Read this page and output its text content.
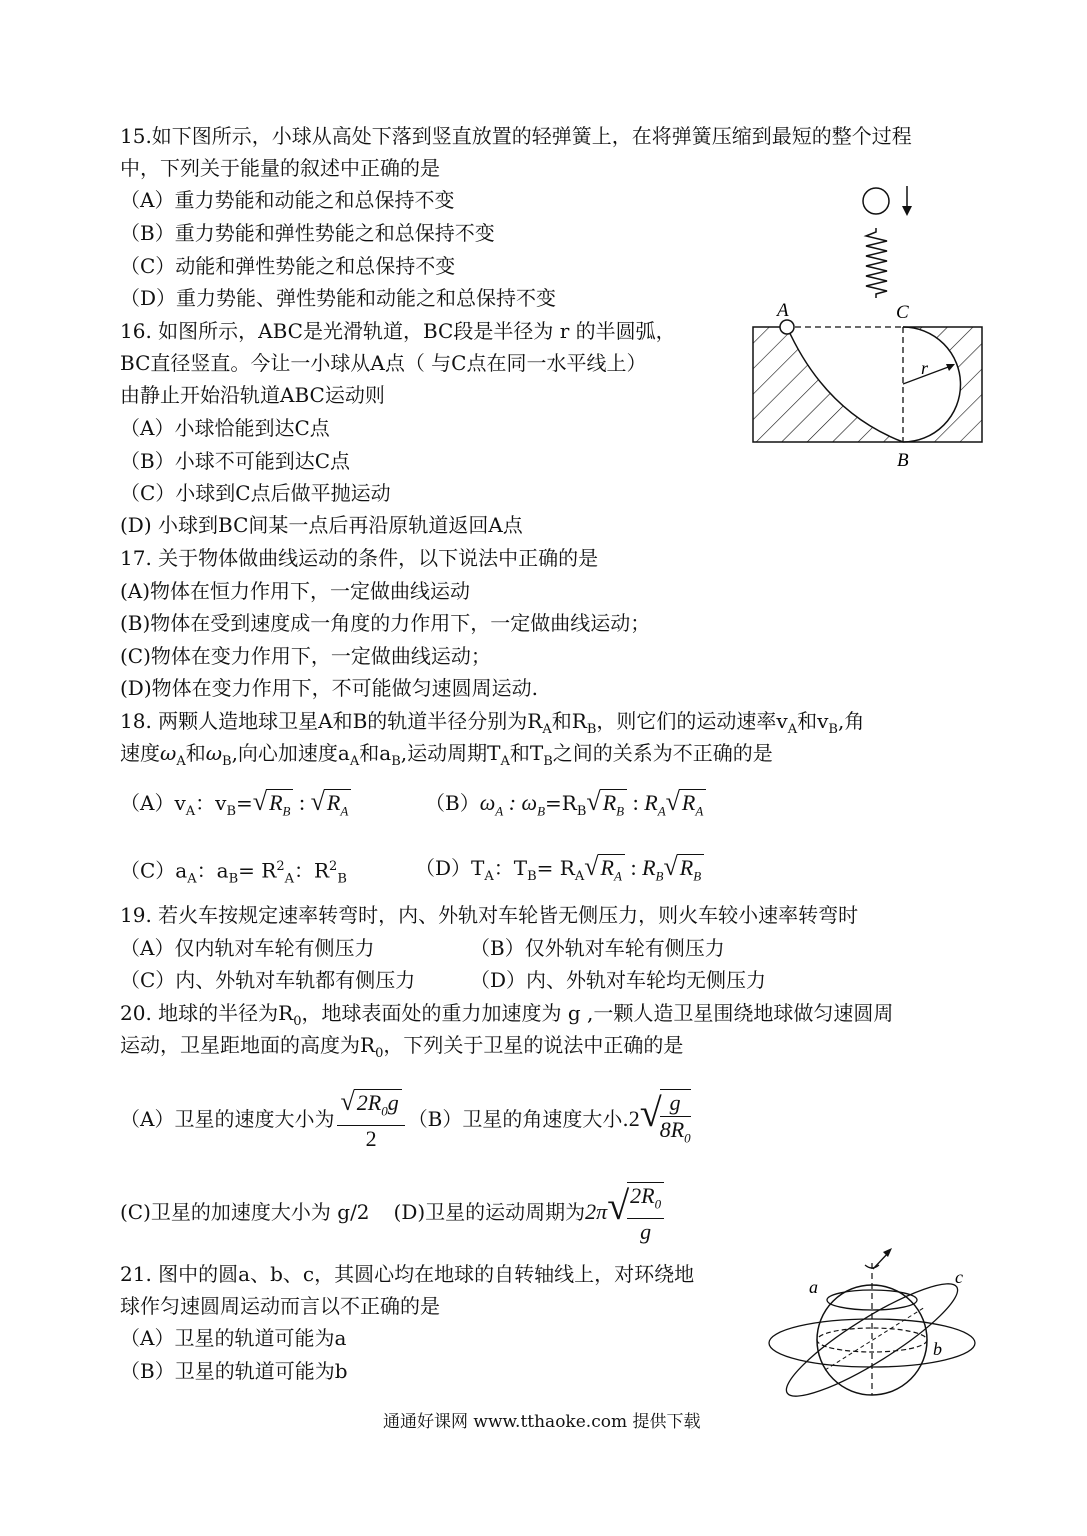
15.如下图所示，小球从高处下落到竖直放置的轻弹簧上，在将弹簧压缩到最短的整个过程
中，下列关于能量的叙述中正确的是
（A）重力势能和动能之和总保持不变
（B）重力势能和弹性势能之和总保持不变
（C）动能和弹性势能之和总保持不变
（D）重力势能、弹性势能和动能之和总保持不变
16. 如图所示，ABC是光滑轨道，BC段是半径为 r 的半圆弧，
BC直径竖直。今让一小球从A点（ 与C点在同一水平线上）
由静止开始沿轨道ABC运动则
（A）小球恰能到达C点
（B）小球不可能到达C点
（C）小球到C点后做平抛运动
(D) 小球到BC间某一点后再沿原轨道返回A点
A	C
B
r
17. 关于物体做曲线运动的条件，以下说法中正确的是
(A)物体在恒力作用下，一定做曲线运动
(B)物体在受到速度成一角度的力作用下，一定做曲线运动；
(C)物体在变力作用下，一定做曲线运动；
(D)物体在变力作用下，不可能做匀速圆周运动.
18. 两颗人造地球卫星A和B的轨道半径分别为$R_A$和$R_B$，则它们的运动速率$v_A$和$v_B$,角
速度$\omega_A$和$\omega_B$,向心加速度$a_A$和$a_B$,运动周期$T_A$和$T_B$之间的关系为不正确的是
$(A)v_A$：$v_B=√R_B$ : $√R_A$	$(B)\omega_A$ : $\omega_B=R_B√R_B$ : $R_A√R_A$
$(C)a_A$：$a_B= R^2_A$：$R^2_B$	$(D)T_A$：$T_B= R_A√R_A$ : $R_B√R_B$
19. 若火车按规定速率转弯时，内、外轨对车轮皆无侧压力，则火车较小速率转弯时
（A）仅内轨对车轮有侧压力	（B）仅外轨对车轮有侧压力
（C）内、外轨对车轨都有侧压力	（D）内、外轨对车轮均无侧压力
20. 地球的半径为$R_0$，地球表面处的重力加速度为 g ,一颗人造卫星围绕地球做匀速圆周
运动，卫星距地面的高度为$R_0$，下列关于卫星的说法中正确的是
（A）卫星的速度大小为 $\frac{√2R_0g}{2} (B)$卫星的角速度大小.2√
$\frac{g}{8R_0}$
(C)卫星的加速度大小为 g/2 (D)卫星的运动周期为2π√
$\frac{2R_0}{g}$
21. 图中的圆a、b、c，其圆心均在地球的自转轴线上，对环绕地
球作匀速圆周运动而言以不正确的是
（A）卫星的轨道可能为a
（B）卫星的轨道可能为b
a
b
c
通通好课网 www.tthaoke.com 提供下载
